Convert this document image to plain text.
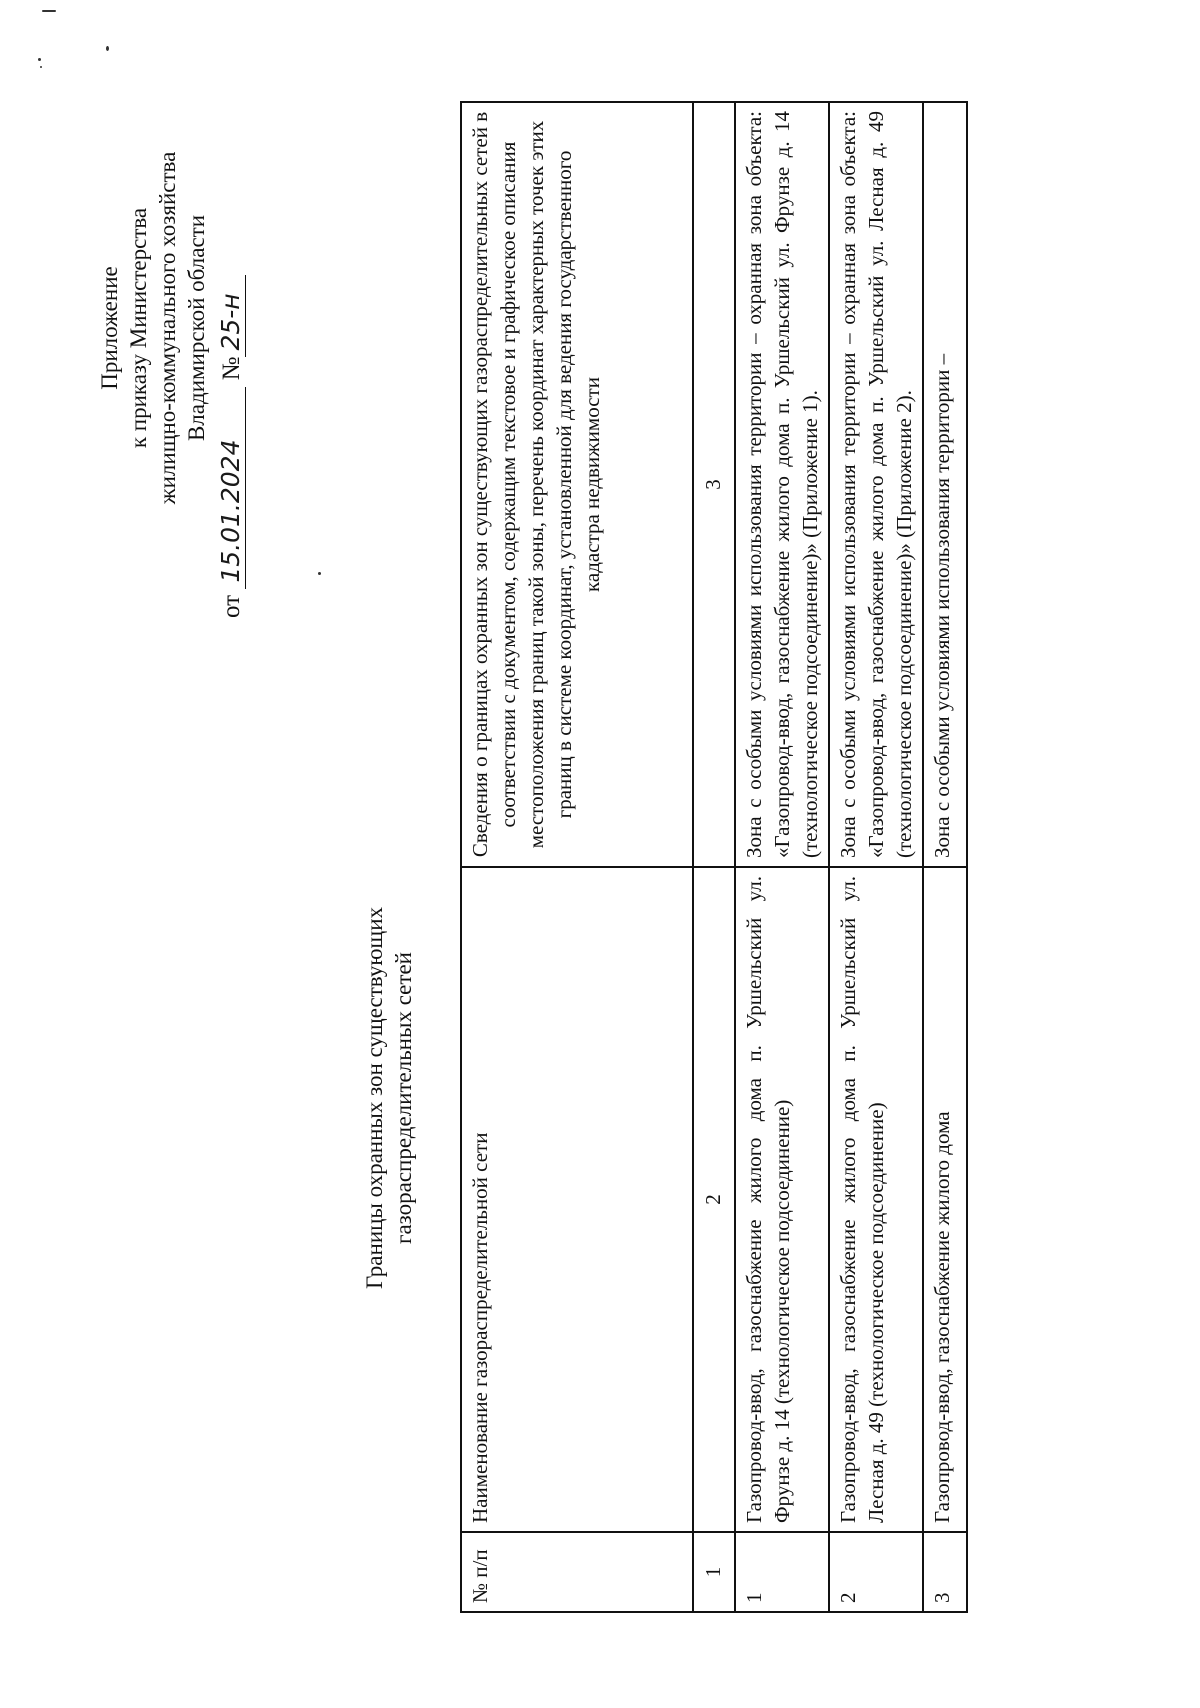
Приложение к приказу Министерства жилищно-коммунального хозяйства Владимирской области
от 15.01.2024 №25-н
Границы охранных зон существующих газораспределительных сетей
№ п/п	Наименование газораспределительной сети	Сведения о границах охранных зон существующих газораспределительных сетей в соответствии с документом, содержащим текстовое и графическое описания местоположения границ такой зоны, перечень координат характерных точек этих границ в системе координат, установленной для ведения государственного кадастра недвижимости
1	2	3
1	Газопровод-ввод, газоснабжение жилого дома п. Уршельский ул. Фрунзе д. 14 (технологическое подсоединение)	Зона с особыми условиями использования территории – охранная зона объекта: «Газопровод-ввод, газоснабжение жилого дома п. Уршельский ул. Фрунзе д. 14 (технологическое подсоединение)» (Приложение 1).
2	Газопровод-ввод, газоснабжение жилого дома п. Уршельский ул. Лесная д. 49 (технологическое подсоединение)	Зона с особыми условиями использования территории – охранная зона объекта: «Газопровод-ввод, газоснабжение жилого дома п. Уршельский ул. Лесная д. 49 (технологическое подсоединение)» (Приложение 2).
3	Газопровод-ввод, газоснабжение жилого дома	Зона с особыми условиями использования территории –
